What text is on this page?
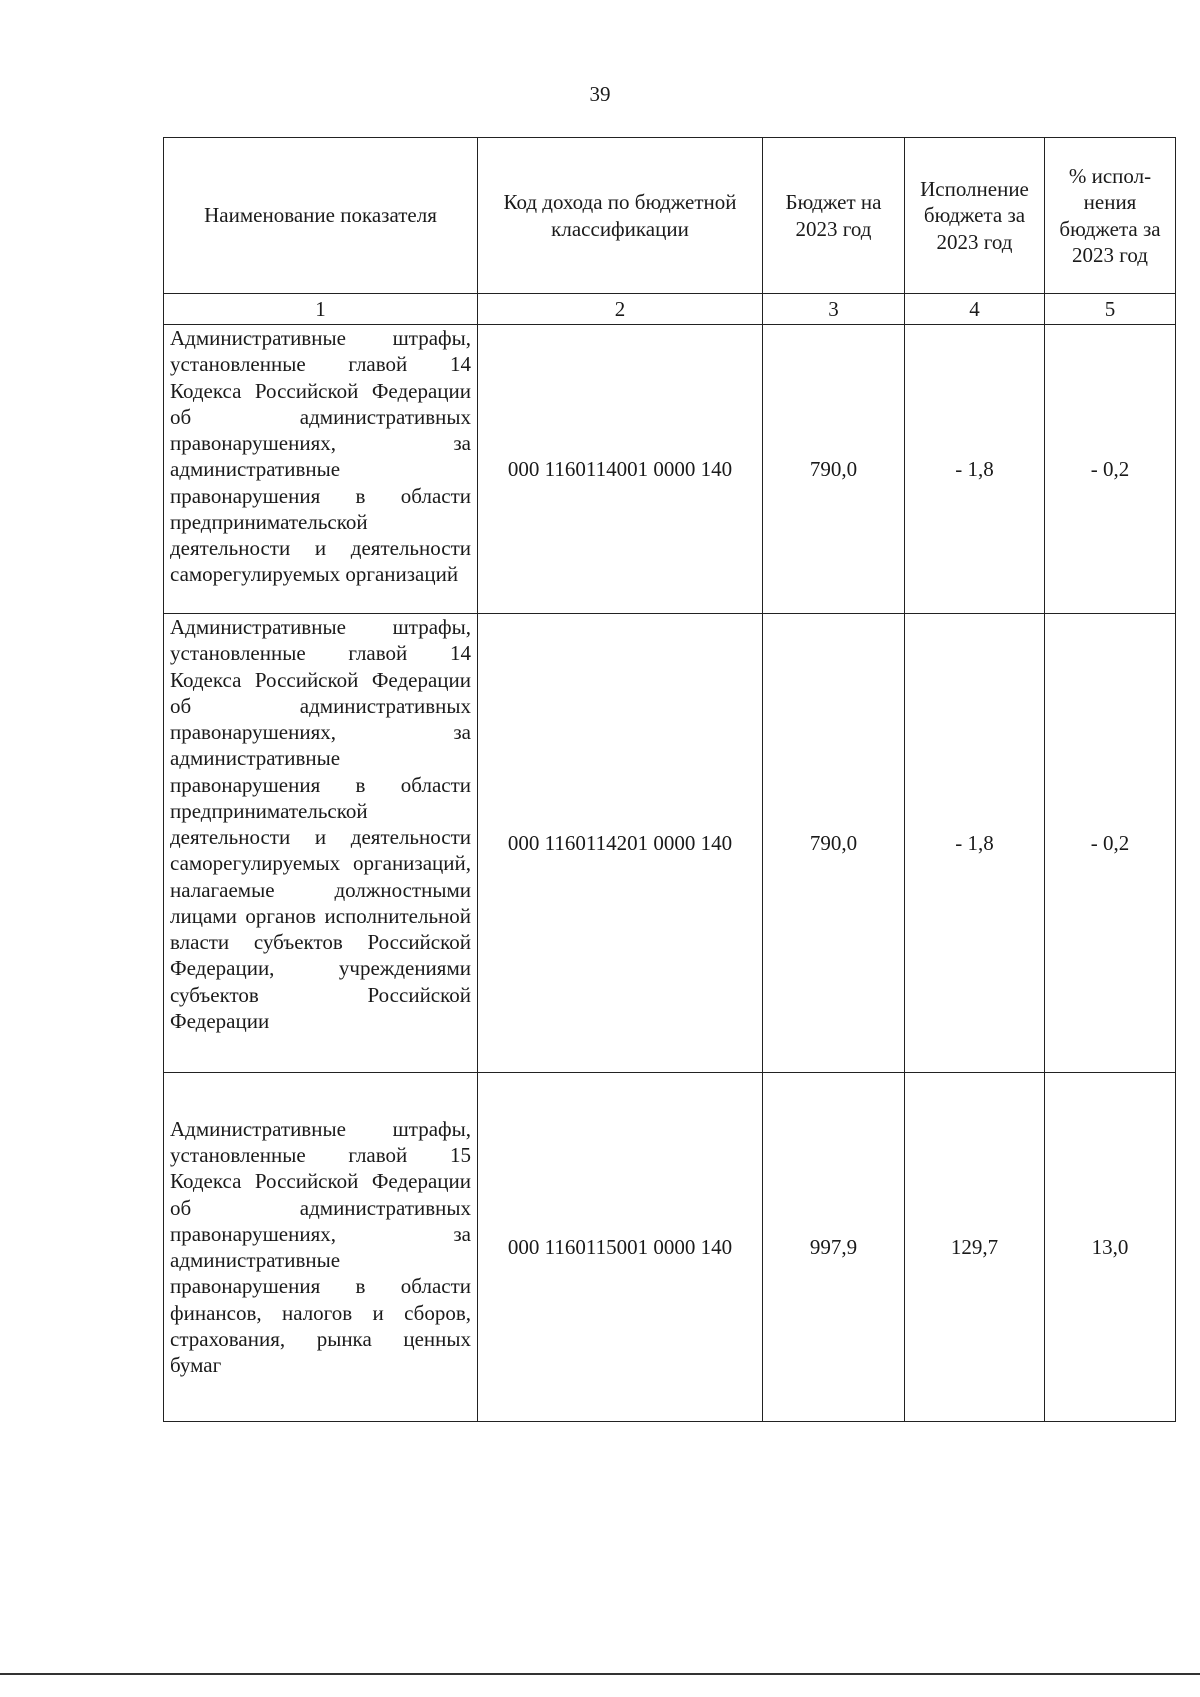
39
Наименование показателя	Код дохода по бюджетной классификации	Бюджет на 2023 год	Исполнение бюджета за 2023 год	% испол-нения бюджета за 2023 год
1	2	3	4	5
Административные штрафы, установленные главой 14 Кодекса Российской Федерации об административных правонарушениях, за административные правонарушения в области предпринимательской деятельности и деятельности саморегулируемых организаций	000 1160114001 0000 140	790,0	- 1,8	- 0,2
Административные штрафы, установленные главой 14 Кодекса Российской Федерации об административных правонарушениях, за административные правонарушения в области предпринимательской деятельности и деятельности саморегулируемых организаций, налагаемые должностными лицами органов исполнительной власти субъектов Российской Федерации, учреждениями субъектов Российской Федерации	000 1160114201 0000 140	790,0	- 1,8	- 0,2
Административные штрафы, установленные главой 15 Кодекса Российской Федерации об административных правонарушениях, за административные правонарушения в области финансов, налогов и сборов, страхования, рынка ценных бумаг	000 1160115001 0000 140	997,9	129,7	13,0
